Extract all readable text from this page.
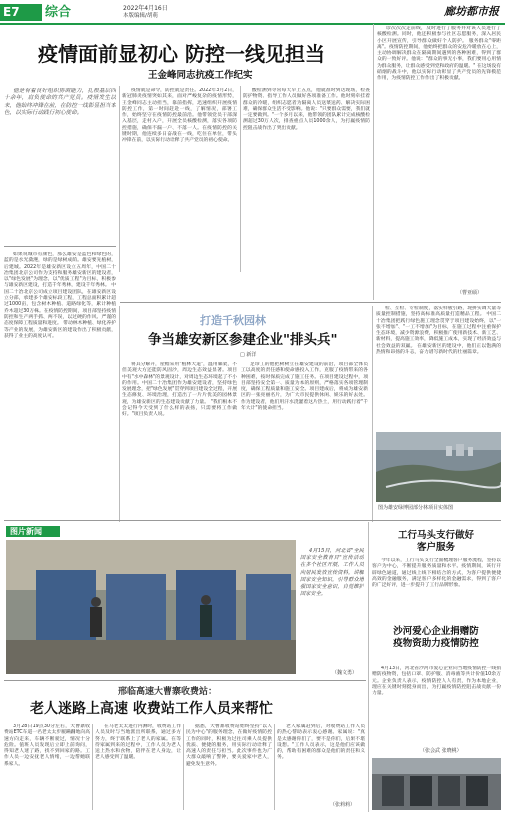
E7 综合	2022年4月16日
本版编辑/胡萌	廊坊都市报
疫情面前显初心 防控一线见担当
王金峰同志抗疫工作纪实

他是有着良好组织协调能力，扎根基层四十余年，肩负使命的共产党员。疫情发生以来，他始终冲锋在前，在防控一线彰显担当本色，以实际行动践行初心使命。

疫情就是命令，防控就是责任。2022年3月2日，新冠肺炎疫情突如其来，面对严峻复杂的疫情形势，王金峰同志主动担当，靠前指挥，迅速组织开展疫情防控工作，第一时间赶赴一线，了解情况，部署工作，始终坚守在疫情防控最前沿。他带领党员干部深入基层，走村入户，开展全员核酸检测，落实各项防控措施，确保不漏一户、不落一人。在疫情防控的关键时期，他连续多日奋战在一线，吃住在单位，带头冲锋在前，以实际行动诠释了共产党员的初心使命。

酸检测到寻常每天早上五点，他就准时到达现场，检查防护物资、指导工作人员做好各项准备工作。他时刻牵挂着群众的冷暖，组织志愿者为隔离人员送菜送药、解决实际困难，确保群众生活不受影响。他说："只要群众需要，我们就一定要做到。"一个多月以来，他带领的团队累计完成核酸检测超过30万人次，排查重点人员1000余人，为打赢疫情防控阻击战作出了突出贡献。

诊次次次走前线，及时进行了服务并对该人员进行了核酸检测。同时，他还积极参与社区志愿服务，深入居民小区开展宣传，引导群众做好个人防护。 服务群众"零距离"。疫情防控期间，他始终把群众的安危冷暖放在心上，主动协调解决群众在隔离期间遇到的各种困难，得到了群众的一致好评。他说："群众的事无小事，我们要用心用情为群众服务，让群众感受到党和政府的温暖。" 在这场没有硝烟的战斗中，他以实际行动彰显了共产党员的先锋模范作用，为疫情防控工作作出了积极贡献。

（曹亚硕）

如果说城市有颜色，那么雄安是蓝色和绿色的，蓝的是水光潋滟，绿的是绿树成荫。雄安要先植树，后建城。2022年是雄安新区设立五周年，中国二十冶集团北京公司作为支持和服务雄安新区的建设者，以"绿色发展"为理念，以"优质工程"为目标，积极参与雄安新区建设，打造千年秀林，建设千年秀林。 中国二十冶北京公司成立项目建设团队，在雄安新区设立分部，承建多个雄安标段工程，工程总面积累计超过1000亩，包含树木种植、道路绿化等，累计种植乔木超过30万株。在疫情防控期间，项目部坚持疫情防控和生产两手抓、两不误，以过硬的作风、严谨的态度保障工程质量和进度。 带动林木种植、绿化养护等产业的发展，为雄安新区的建设作出了积极贡献，获得了业主的高度认可。

打造千秋园林
争当雄安新区参建企业"排头兵"
□ 新洋

将其分解开，屋檐采用"植林大道"，温用廊架，不但美观大方还能防风固沙，周边生态效益显著。项目中有"水中森林"的景观设计，对周边生态环境起了不小的作用。中国二十冶集团作为雄安建设者，坚持绿色发展理念，把"绿色发展"贯穿到项目建设全过程，开展生态修复、环境治理，打造出了一片片优美的园林景观，为雄安新区的生态建设贡献了力量。 "我们根本不会记得今天受到了什么样的表扬，只需要将工作做好。"项目负责人说。

足珍工的他把树树立在雄安建设的前沿，项目部全体员工以高度的责任感和使命感投入工作，克服了疫情带来的各种困难，按时保质完成了施工任务。在项目建设过程中，项目部坚持安全第一、质量为本的原则，严格落实各项管理制度，确保工程质量和施工安全。项目建成后，将成为雄安新区的一张亮丽名片，为广大市民提供休闲、娱乐的好去处。 作为建设者，他们用汗水浇灌着这片热土，用行动践行着"千年大计"的使命担当。

检、互检、专检制度，落实样板引路，现拼实调大量等质量控制措施，坚持高标准高质量打造精品工程。 中国二十冶集团把践行绿色施工理念贯穿于项目建设始终，以"一张不增加"、"一工不增加"为目标，在施工过程中注重保护生态环境，减少资源浪费，积极推广使用新技术、新工艺、新材料，提高施工效率，降低施工成本，实现了经济效益与社会效益的双赢。 在雄安新区的建设中，他们正以饱满的热情和昂扬的斗志，奋力谱写新时代的壮丽篇章。

图为雄安绿博园部分林项目实体图
图片新闻

4月15日，河北省"全民国家安全教育日"宣传活动在多个社区开展，工作人员向居民发放宣传资料，讲解国家安全知识，引导群众增强国家安全意识，自觉维护国家安全。

（魏文勇）
工行马头支行做好客户服务

今年以来，工行马头支行全面梳理客户服务流程，坚持以客户为中心，不断提升服务质量和水平。疫情期间，该行开辟绿色通道，通过线上线下相结合的方式，为客户提供便捷高效的金融服务，满足客户多样化的金融需求，得到了客户的广泛好评，进一步提升了工行品牌形象。

沙河爱心企业捐赠防疫物资助力疫情防控

4月13日，河北省沙河市爱心企业向当地疫情防控一线捐赠防疫物资，包括口罩、防护服、消毒液等共计价值10余万元。企业负责人表示，疫情防控人人有责，作为本地企业，理应在关键时刻挺身而出，为打赢疫情防控阻击战贡献一份力量。

（张会武 张晓桃）
邢临高速大曹寨收费站：
老人迷路上高速 收费站工作人员来帮忙

3月28日19点30分左右，大曹寨收费站ETC车道一名老太太步履蹒跚地向高速方向走来，车辆不断驶过，情况十分危险。值班人员发现后立即上前询问，得知老人迷了路，找不到回家的路。工作人员一边安抚老人情绪，一边帮她联系家人。

在马老太太进行内测时，收费站工作人员及时与当地派出所联系，通过多方努力，终于联系上了老人的家属。在等待家属到来的过程中，工作人员为老人送上热水和食物，陪伴在老人身边，让老人感受到了温暖。

据悉，大曹寨收费站始终坚持"以人民为中心"的服务理念，在做好疫情防控工作的同时，积极为过往司乘人员提供优质、便捷的服务，用实际行动诠释了高速人的责任与担当。此次事件也为广大群众敲响了警钟，要关爱家中老人，避免发生意外。

老人家属赶到后，对收费站工作人员的热心帮助表示衷心感谢。家属说："真是太感谢你们了，要不是你们，后果不堪设想。"工作人员表示，这是他们应该做的，帮助有困难的群众是他们的责任和义务。

（张莉莉）
